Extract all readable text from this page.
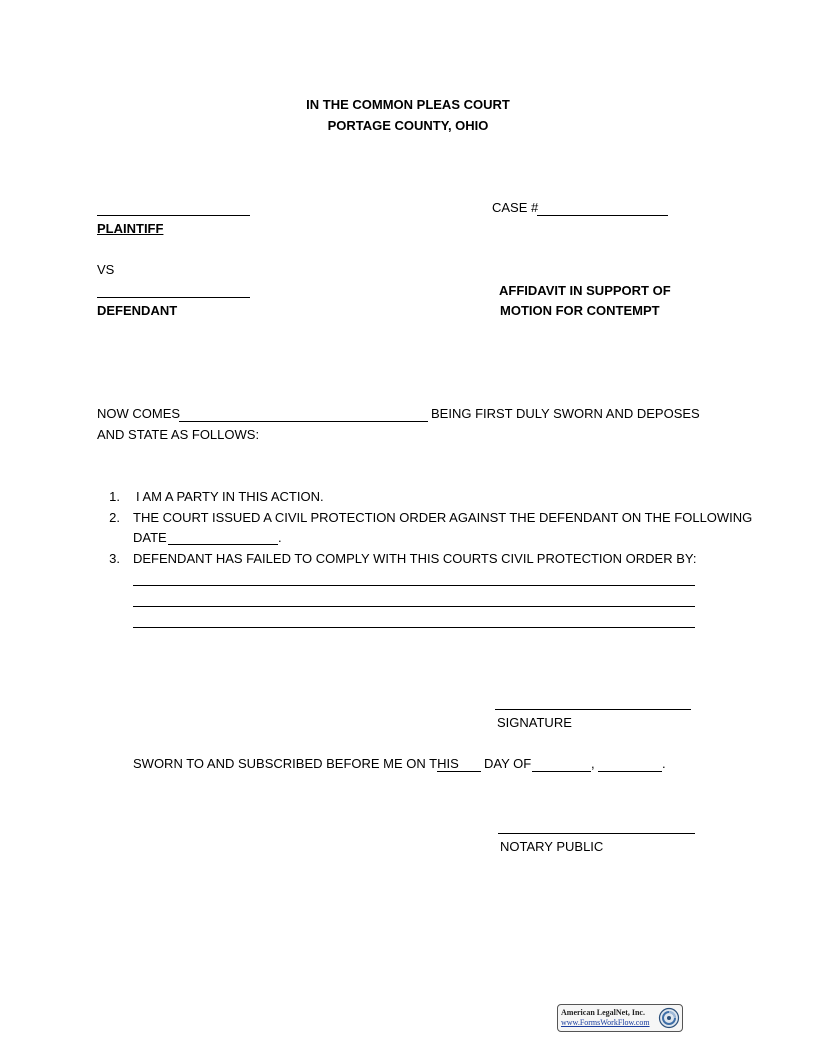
IN THE COMMON PLEAS COURT
PORTAGE COUNTY, OHIO
PLAINTIFF
VS
DEFENDANT
CASE #
AFFIDAVIT IN SUPPORT OF
MOTION FOR CONTEMPT
NOW COMES	BEING FIRST DULY SWORN AND DEPOSES
AND STATE AS FOLLOWS:
1. I AM A PARTY IN THIS ACTION.
2. THE COURT ISSUED A CIVIL PROTECTION ORDER AGAINST THE DEFENDANT ON THE FOLLOWING
DATE	.
3. DEFENDANT HAS FAILED TO COMPLY WITH THIS COURTS CIVIL PROTECTION ORDER BY:
SIGNATURE
SWORN TO AND SUBSCRIBED BEFORE ME ON THIS DAY OF	,	.
NOTARY PUBLIC
American LegalNet, Inc.
www.FormsWorkFlow.com
